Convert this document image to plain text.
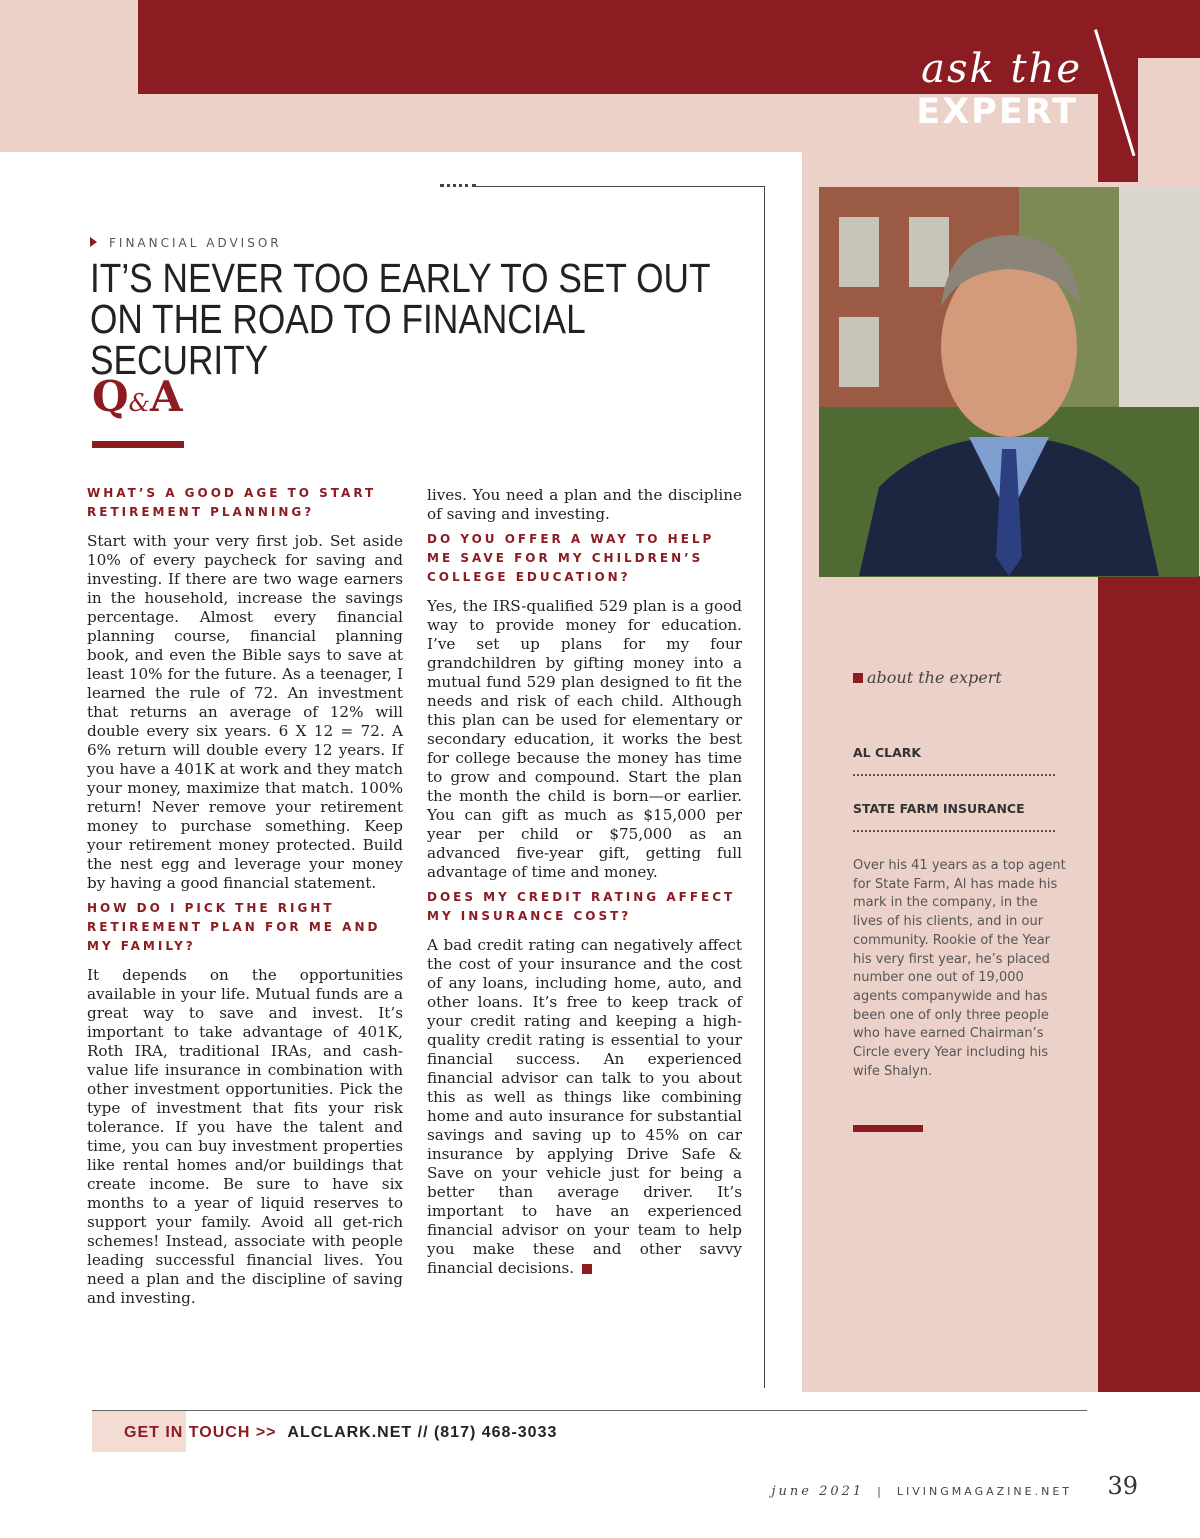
ask the
EXPERT
FINANCIAL ADVISOR
IT’S NEVER TOO EARLY TO SET OUT ON THE ROAD TO FINANCIAL SECURITY
Q&A
WHAT’S A GOOD AGE TO START RETIREMENT PLANNING?
Start with your very first job. Set aside 10% of every paycheck for saving and investing. If there are two wage earners in the household, increase the savings percentage. Almost every financial planning course, financial planning book, and even the Bible says to save at least 10% for the future. As a teenager, I learned the rule of 72. An investment that returns an average of 12% will double every six years. 6 X 12 = 72. A 6% return will double every 12 years. If you have a 401K at work and they match your money, maximize that match. 100% return! Never remove your retirement money to purchase something. Keep your retirement money protected. Build the nest egg and leverage your money by having a good financial statement.
HOW DO I PICK THE RIGHT RETIREMENT PLAN FOR ME AND MY FAMILY?
It depends on the opportunities available in your life. Mutual funds are a great way to save and invest. It’s important to take advantage of 401K, Roth IRA, traditional IRAs, and cash-value life insurance in combination with other investment opportunities. Pick the type of investment that fits your risk tolerance. If you have the talent and time, you can buy investment properties like rental homes and/or buildings that create income. Be sure to have six months to a year of liquid reserves to support your family. Avoid all get-rich schemes! Instead, associate with people leading successful financial lives. You need a plan and the discipline of saving and investing.
lives. You need a plan and the discipline of saving and investing.
DO YOU OFFER A WAY TO HELP ME SAVE FOR MY CHILDREN’S COLLEGE EDUCATION?
Yes, the IRS-qualified 529 plan is a good way to provide money for education. I’ve set up plans for my four grandchildren by gifting money into a mutual fund 529 plan designed to fit the needs and risk of each child. Although this plan can be used for elementary or secondary education, it works the best for college because the money has time to grow and compound. Start the plan the month the child is born—or earlier. You can gift as much as $15,000 per year per child or $75,000 as an advanced five-year gift, getting full advantage of time and money.
DOES MY CREDIT RATING AFFECT MY INSURANCE COST?
A bad credit rating can negatively affect the cost of your insurance and the cost of any loans, including home, auto, and other loans. It’s free to keep track of your credit rating and keeping a high-quality credit rating is essential to your financial success. An experienced financial advisor can talk to you about this as well as things like combining home and auto insurance for substantial savings and saving up to 45% on car insurance by applying Drive Safe & Save on your vehicle just for being a better than average driver. It’s important to have an experienced financial advisor on your team to help you make these and other savvy financial decisions.
about the expert
AL CLARK
STATE FARM INSURANCE
Over his 41 years as a top agent for State Farm, Al has made his mark in the company, in the lives of his clients, and in our community. Rookie of the Year his very first year, he’s placed number one out of 19,000 agents companywide and has been one of only three people who have earned Chairman’s Circle every Year including his wife Shalyn.
GET IN TOUCH >> ALCLARK.NET // (817) 468-3033
june 2021 | LIVINGMAGAZINE.NET 39
